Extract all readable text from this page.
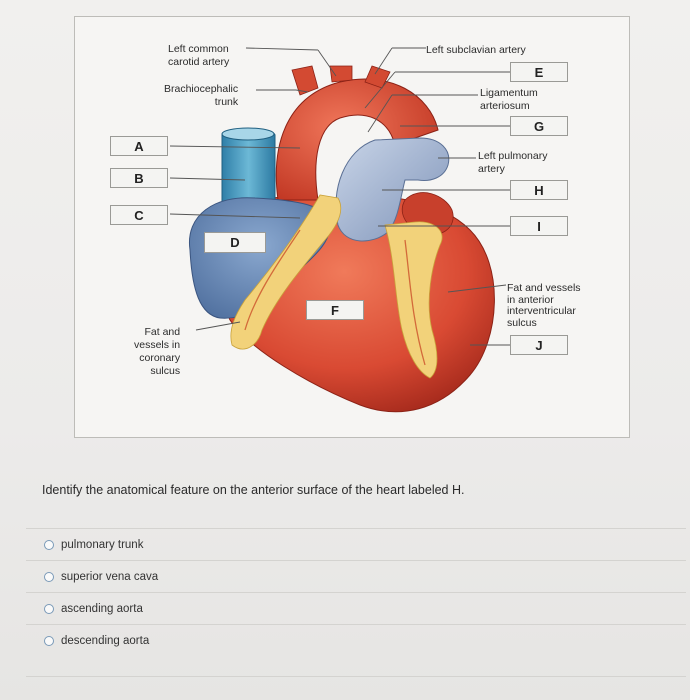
Left common
carotid artery
Brachiocephalic
trunk
Fat and
vessels in
coronary
sulcus
Left subclavian artery
Ligamentum
arteriosum
Left pulmonary
artery
Fat and vessels
in anterior
interventricular
sulcus
A
B
C
D
E
F
G
H
I
J
Identify the anatomical feature on the anterior surface of the heart labeled H.
pulmonary trunk
superior vena cava
ascending aorta
descending aorta
